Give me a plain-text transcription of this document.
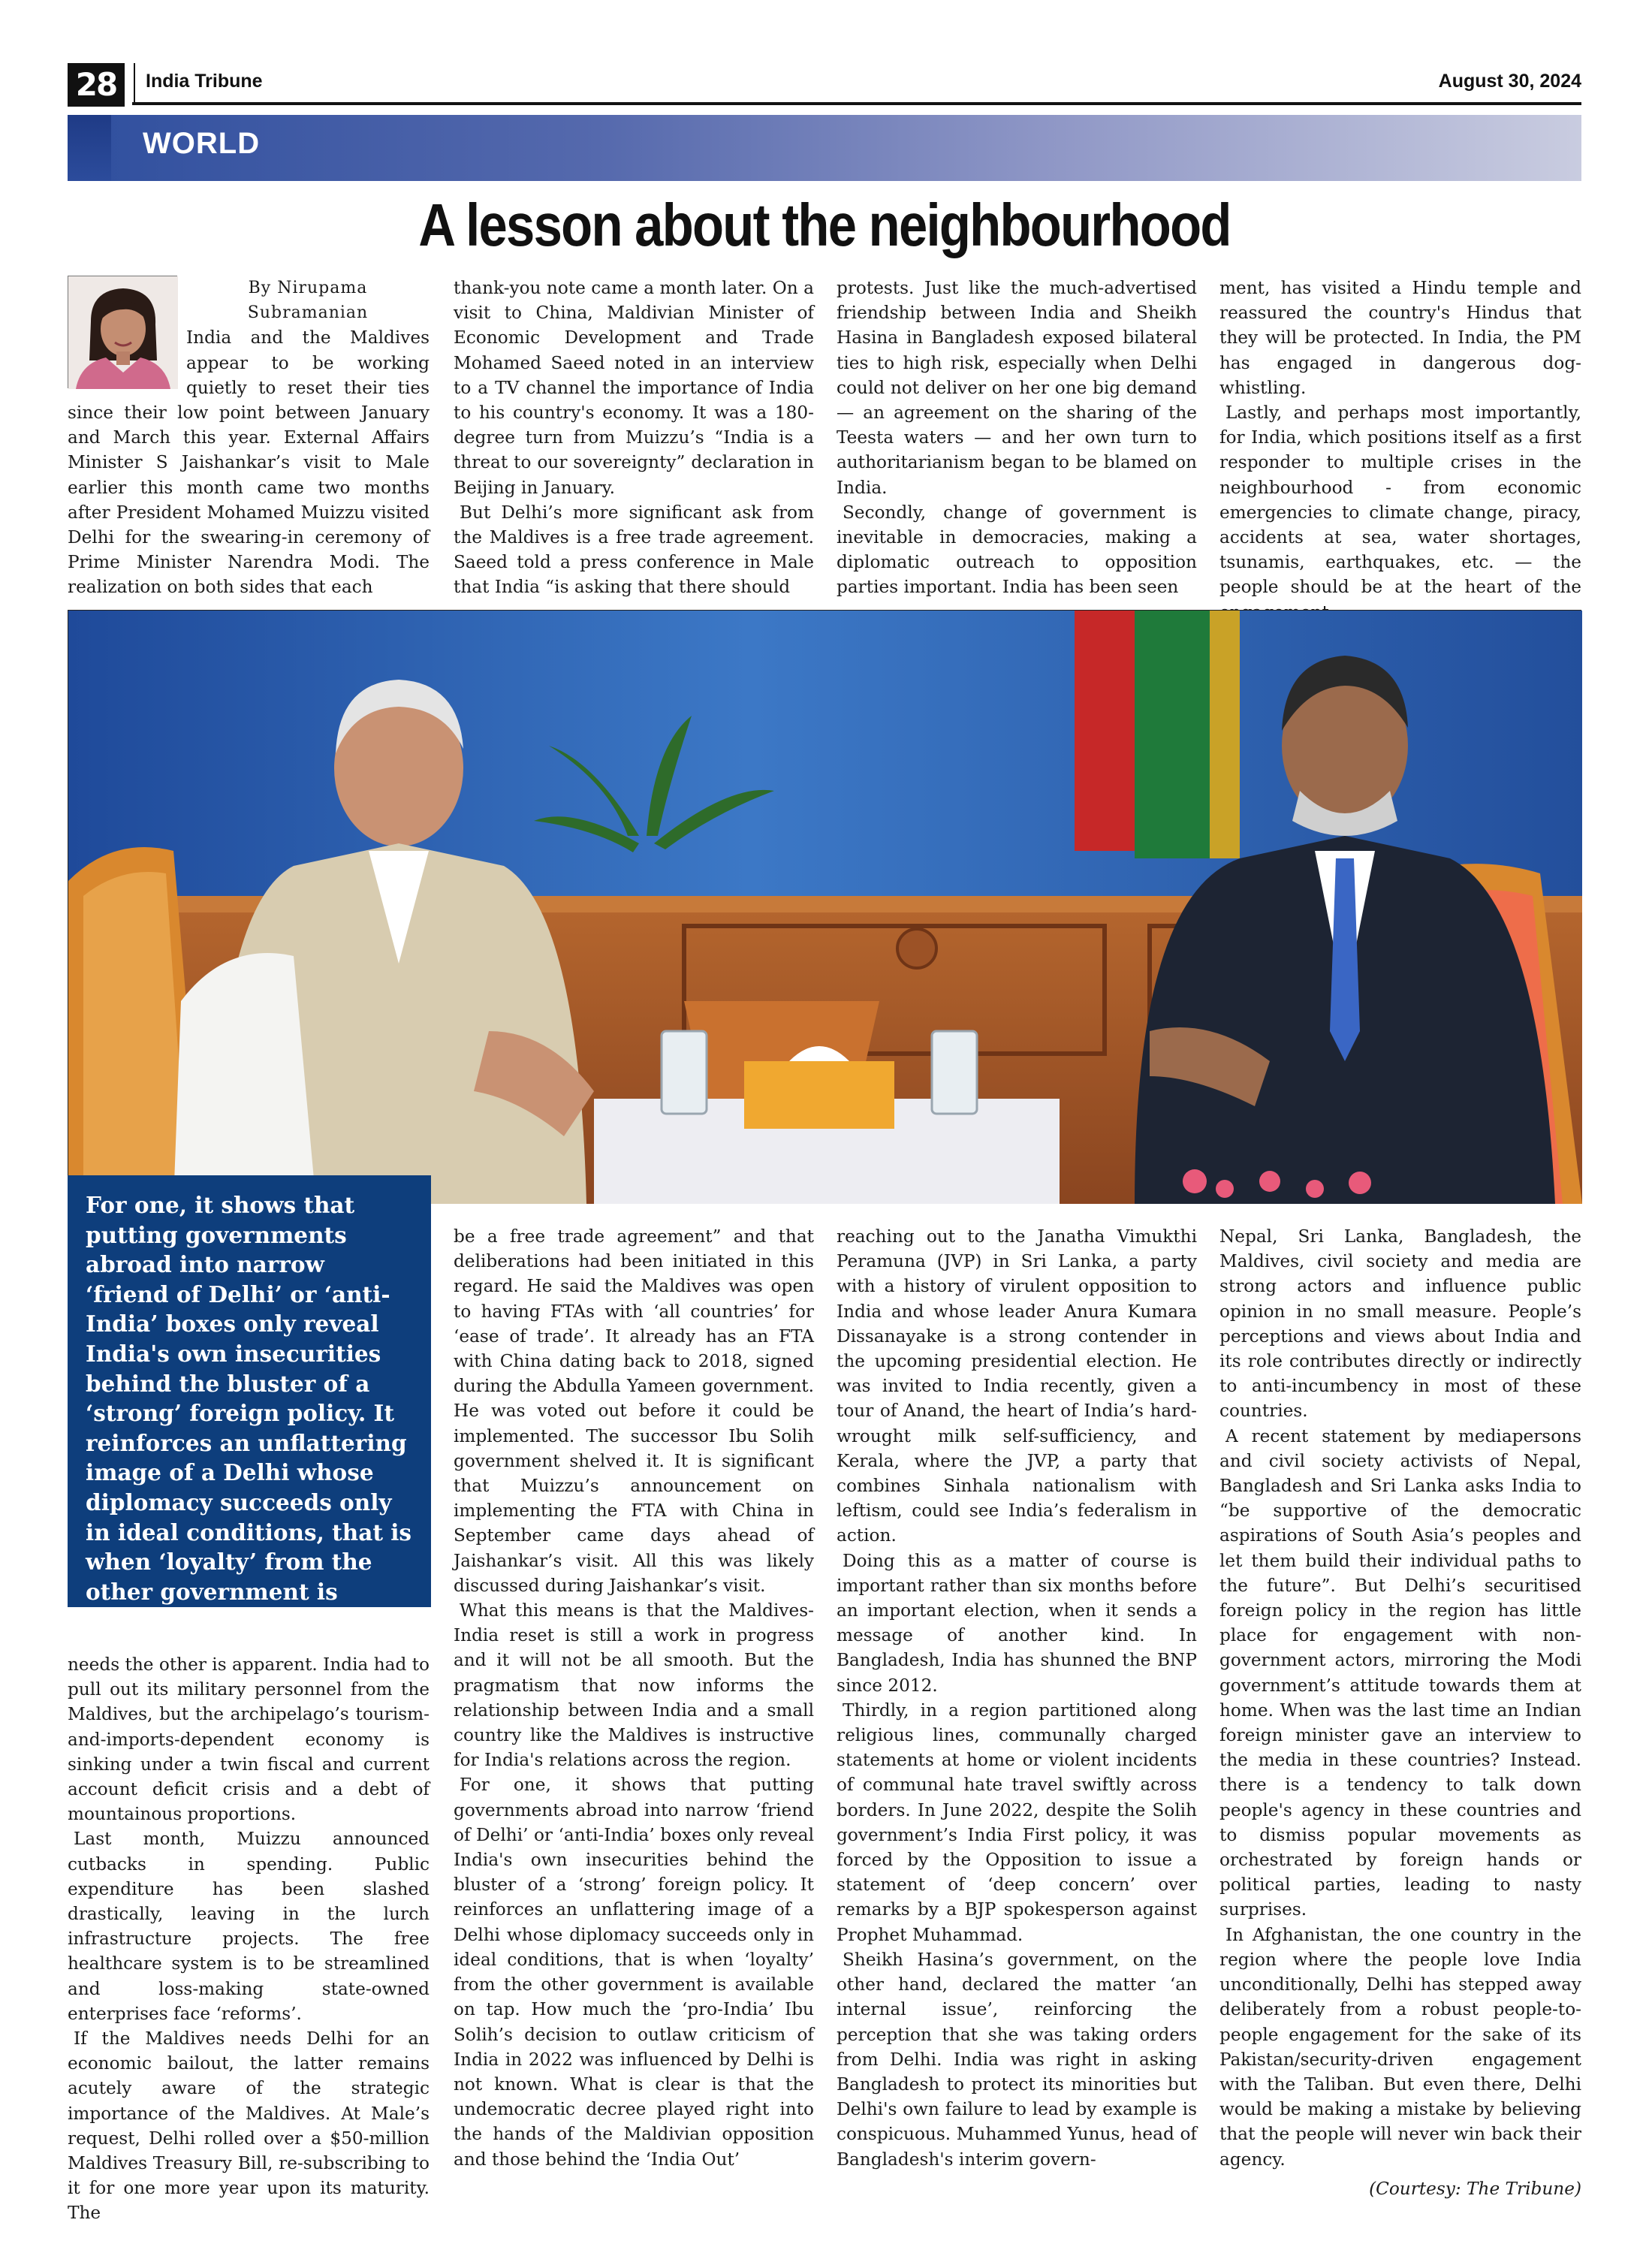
28	India Tribune	August 30, 2024
WORLD
A lesson about the neighbourhood
By Nirupama
Subramanian

India and the Maldives appear to be working quietly to reset their ties since their low point between January and March this year. External Affairs Minister S Jaishankar’s visit to Male earlier this month came two months after President Mohamed Muizzu visited Delhi for the swearing-in ceremony of Prime Minister Narendra Modi. The realization on both sides that each

thank-you note came a month later. On a visit to China, Maldivian Minister of Economic Development and Trade Mohamed Saeed noted in an interview to a TV channel the importance of India to his country's economy. It was a 180-degree turn from Muizzu’s “India is a threat to our sovereignty” declaration in Beijing in January.

But Delhi’s more significant ask from the Maldives is a free trade agreement. Saeed told a press conference in Male that India “is asking that there should

protests. Just like the much-advertised friendship between India and Sheikh Hasina in Bangladesh exposed bilateral ties to high risk, especially when Delhi could not deliver on her one big demand — an agreement on the sharing of the Teesta waters — and her own turn to authoritarianism began to be blamed on India.

Secondly, change of government is inevitable in democracies, making a diplomatic outreach to opposition parties important. India has been seen

ment, has visited a Hindu temple and reassured the country's Hindus that they will be protected. In India, the PM has engaged in dangerous dog-whistling.

Lastly, and perhaps most importantly, for India, which positions itself as a first responder to multiple crises in the neighbourhood - from economic emergencies to climate change, piracy, accidents at sea, water shortages, tsunamis, earthquakes, etc. — the people should be at the heart of the

For one, it shows that putting governments abroad into narrow ‘friend of Delhi’ or ‘anti-India’ boxes only reveal India's own insecurities behind the bluster of a ‘strong’ foreign policy. It reinforces an unflattering image of a Delhi whose diplomacy succeeds only in ideal conditions, that is when ‘loyalty’ from the other government is available on tap.

needs the other is apparent. India had to pull out its military personnel from the Maldives, but the archipelago’s tourism-and-imports-dependent economy is sinking under a twin fiscal and current account deficit crisis and a debt of mountainous proportions.

Last month, Muizzu announced cutbacks in spending. Public expenditure has been slashed drastically, leaving in the lurch infrastructure projects. The free healthcare system is to be streamlined and loss-making state-owned enterprises face ‘reforms’.

If the Maldives needs Delhi for an economic bailout, the latter remains acutely aware of the strategic importance of the Maldives. At Male’s request, Delhi rolled over a $50-million Maldives Treasury Bill, re-subscribing to it for one more year upon its maturity. The

be a free trade agreement” and that deliberations had been initiated in this regard. He said the Maldives was open to having FTAs with ‘all countries’ for ‘ease of trade’. It already has an FTA with China dating back to 2018, signed during the Abdulla Yameen government. He was voted out before it could be implemented. The successor Ibu Solih government shelved it. It is significant that Muizzu’s announcement on implementing the FTA with China in September came days ahead of Jaishankar’s visit. All this was likely discussed during Jaishankar’s visit.

What this means is that the Maldives-India reset is still a work in progress and it will not be all smooth. But the pragmatism that now informs the relationship between India and a small country like the Maldives is instructive for India's relations across the region.

For one, it shows that putting governments abroad into narrow ‘friend of Delhi’ or ‘anti-India’ boxes only reveal India's own insecurities behind the bluster of a ‘strong’ foreign policy. It reinforces an unflattering image of a Delhi whose diplomacy succeeds only in ideal conditions, that is when ‘loyalty’ from the other government is available on tap. How much the ‘pro-India’ Ibu Solih’s decision to outlaw criticism of India in 2022 was influenced by Delhi is not known. What is clear is that the undemocratic decree played right into the hands of the Maldivian opposition and those behind the ‘India Out’

reaching out to the Janatha Vimukthi Peramuna (JVP) in Sri Lanka, a party with a history of virulent opposition to India and whose leader Anura Kumara Dissanayake is a strong contender in the upcoming presidential election. He was invited to India recently, given a tour of Anand, the heart of India’s hard-wrought milk self-sufficiency, and Kerala, where the JVP, a party that combines Sinhala nationalism with leftism, could see India’s federalism in action.

Doing this as a matter of course is important rather than six months before an important election, when it sends a message of another kind. In Bangladesh, India has shunned the BNP since 2012.

Thirdly, in a region partitioned along religious lines, communally charged statements at home or violent incidents of communal hate travel swiftly across borders. In June 2022, despite the Solih government’s India First policy, it was forced by the Opposition to issue a statement of ‘deep concern’ over remarks by a BJP spokesperson against Prophet Muhammad.

Sheikh Hasina’s government, on the other hand, declared the matter ‘an internal issue’, reinforcing the perception that she was taking orders from Delhi. India was right in asking Bangladesh to protect its minorities but Delhi's own failure to lead by example is conspicuous. Muhammed Yunus, head of Bangladesh's interim govern-

Nepal, Sri Lanka, Bangladesh, the Maldives, civil society and media are strong actors and influence public opinion in no small measure. People’s perceptions and views about India and its role contributes directly or indirectly to anti-incumbency in most of these countries.

A recent statement by mediapersons and civil society activists of Nepal, Bangladesh and Sri Lanka asks India to “be supportive of the democratic aspirations of South Asia’s peoples and let them build their individual paths to the future”. But Delhi’s securitised foreign policy in the region has little place for engagement with non-government actors, mirroring the Modi government’s attitude towards them at home. When was the last time an Indian foreign minister gave an interview to the media in these countries? Instead. there is a tendency to talk down people's agency in these countries and to dismiss popular movements as orchestrated by foreign hands or political parties, leading to nasty surprises.

In Afghanistan, the one country in the region where the people love India unconditionally, Delhi has stepped away deliberately from a robust people-to-people engagement for the sake of its Pakistan/security-driven engagement with the Taliban. But even there, Delhi would be making a mistake by believing that the people will never win back their agency.

(Courtesy: The Tribune)
